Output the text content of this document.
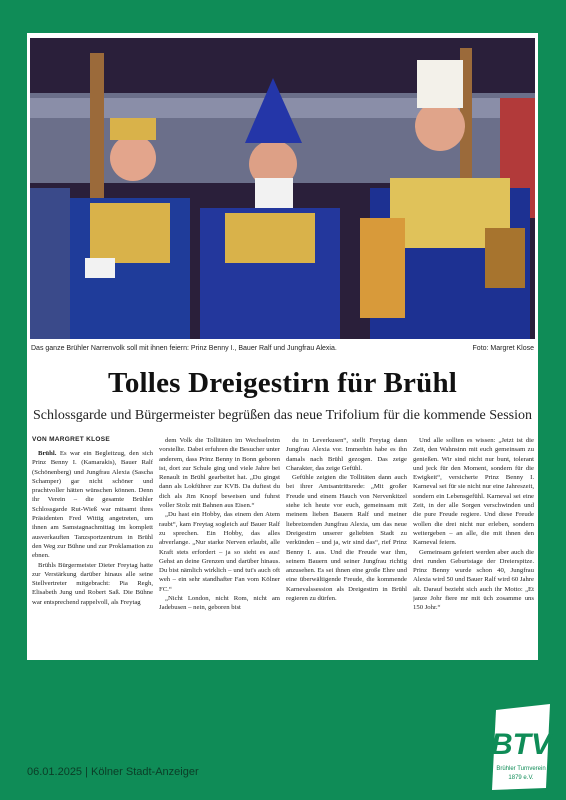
Das ganze Brühler Narrenvolk soll mit ihnen feiern: Prinz Benny I., Bauer Ralf und Jungfrau Alexia.	Foto: Margret Klose
Tolles Dreigestirn für Brühl
Schlossgarde und Bürgermeister begrüßen das neue Trifolium für die kommende Session
VON MARGRET KLOSE

Brühl. Es war ein Begleitzug, den sich Prinz Benny I. (Kamarakis), Bauer Ralf (Schönenberg) und Jungfrau Alexia (Sascha Schamper) gar nicht schöner und prachtvoller hätten wünschen können. Denn ihr Verein – die gesamte Brühler Schlossgarde Rut-Wieß war mitsamt ihres Präsidenten Fred Wittig angetreten, um ihnen am Samstagnachmittag im komplett ausverkauften Tanzsportzentrum in Brühl den Weg zur Bühne und zur Proklamation zu ebnen.

Brühls Bürgermeister Dieter Freytag hatte zur Verstärkung darüber hinaus alle seine Stellvertreter mitgebracht: Pia Regh, Elisabeth Jung und Robert Saß. Die Bühne war entsprechend rappelvoll, als Freytag

dem Volk die Tollitäten im Wechselreim vorstellte. Dabei erfuhren die Besucher unter anderem, dass Prinz Benny in Bonn geboren ist, dort zur Schule ging und viele Jahre bei Renault in Brühl gearbeitet hat. „Du gingst dann als Lokführer zur KVB. Da duftest du dich als Jim Knopf beweisen und fuhrst voller Stolz mit Bahnen aus Eisen.“

„Du hast ein Hobby, das einem den Atem raubt“, kam Freytag sogleich auf Bauer Ralf zu sprechen. Ein Hobby, das alles abverlange. „Nur starke Nerven erlaubt, alle Kraft stets erfordert – ja so sieht es aus! Gehst an deine Grenzen und darüber hinaus. Du bist nämlich wirklich – und tut's auch oft weh – ein sehr standhafter Fan vom Kölner FC.“

„Nicht London, nicht Rom, nicht am Jadebusen – nein, geboren bist

du in Leverkusen“, stellt Freytag dann Jungfrau Alexia vor. Immerhin habe es ihn damals nach Brühl gezogen. Das zeige Charakter, das zeige Gefühl.

Gefühle zeigten die Tollitäten dann auch bei ihrer Amtsantrittsrede: „Mit großer Freude und einem Hauch von Nervenkitzel stehe ich heute vor euch, gemeinsam mit meinem lieben Bauern Ralf und meiner liebreizenden Jungfrau Alexia, um das neue Dreigestirn unserer geliebten Stadt zu verkünden – und ja, wir sind das“, rief Prinz Benny I. aus. Und die Freude war ihm, seinem Bauern und seiner Jungfrau richtig anzusehen. Es sei ihnen eine große Ehre und eine überwältigende Freude, die kommende Karnevalssession als Dreigestirn in Brühl regieren zu dürfen.

Und alle sollten es wissen: „Jetzt ist die Zeit, den Wahnsinn mit euch gemeinsam zu genießen. Wir sind nicht nur bunt, tolerant und jeck für den Moment, sondern für die Ewigkeit“, versicherte Prinz Benny I. Karneval sei für sie nicht nur eine Jahreszeit, sondern ein Lebensgefühl. Karneval sei eine Zeit, in der alle Sorgen verschwinden und die pure Freude regiere. Und diese Freude wollen die drei nicht nur erleben, sondern weitergeben – an alle, die mit ihnen den Karneval feiern.

Gemeinsam gefeiert werden aber auch die drei runden Geburtstage der Dreierspitze. Prinz Benny wurde schon 40, Jungfrau Alexia wird 50 und Bauer Ralf wird 60 Jahre alt. Darauf bezieht sich auch ihr Motto: „Et janze Johr fiere mr mit üch zosamme uns 150 Johr.“

06.01.2025 | Kölner Stadt-Anzeiger
BTV
Brühler Turnverein
1879 e.V.
